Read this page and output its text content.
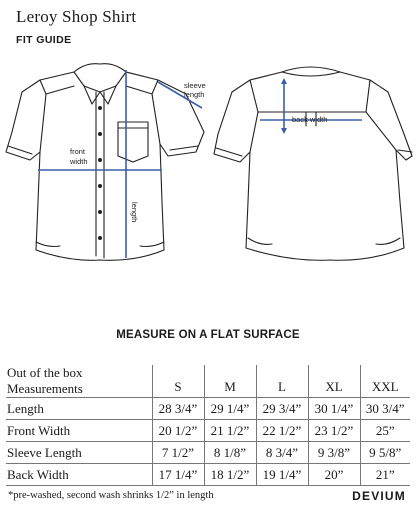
Leroy Shop Shirt
FIT GUIDE
sleeve
length
front
width
length
back width
MEASURE ON A FLAT SURFACE
Out of the box
Measurements	S	M	L	XL	XXL
Length	28 3/4”	29 1/4”	29 3/4”	30 1/4”	30 3/4”
Front Width	20 1/2”	21 1/2”	22 1/2”	23 1/2”	25”
Sleeve Length	7 1/2”	8 1/8”	8 3/4”	9 3/8”	9 5/8”
Back Width	17 1/4”	18 1/2”	19 1/4”	20”	21”
*pre-washed, second wash shrinks 1/2” in length	DEVIUM
